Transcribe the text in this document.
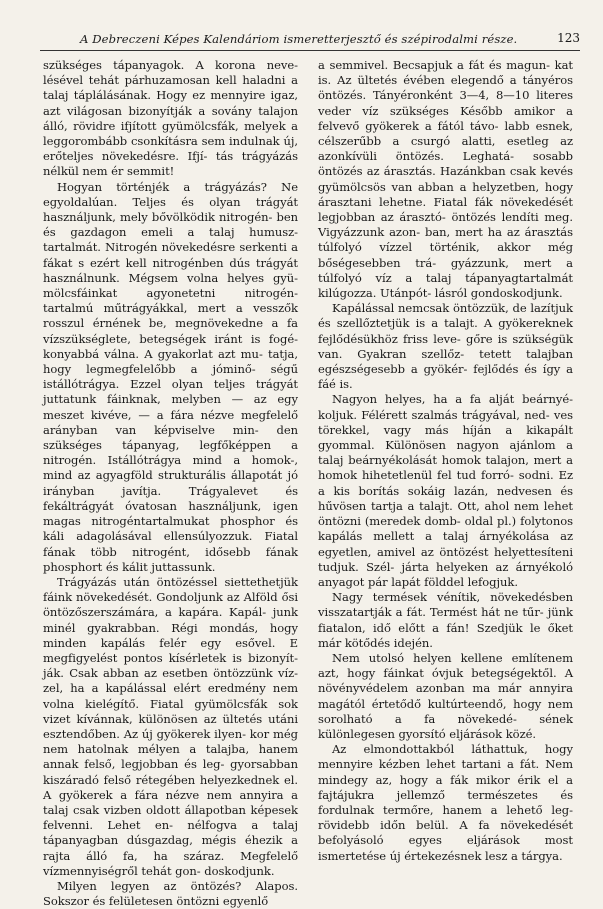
A Debreczeni Képes Kalendáriom ismeretterjesztő és szépirodalmi része.	123

szükséges tápanyagok. A korona neve- lésével tehát párhuzamosan kell haladni a talaj táplálásának. Hogy ez mennyire igaz, azt világosan bizonyítják a sovány talajon álló, rövidre ifjított gyümölcsfák, melyek a leggorombább csonkításra sem indulnak új, erőteljes növekedésre. Ifjí- tás trágyázás nélkül nem ér semmit!

Hogyan történjék a trágyázás? Ne egyoldalúan. Teljes és olyan trágyát használjunk, mely bővölködik nitrogén- ben és gazdagon emeli a talaj humusz- tartalmát. Nitrogén növekedésre serkenti a fákat s ezért kell nitrogénben dús trágyát használnunk. Mégsem volna helyes gyü- mölcsfáinkat agyonetetni nitrogén- tartalmú műtrágyákkal, mert a vesszők rosszul érnének be, megnövekedne a fa vízszükséglete, betegségek iránt is fogé- konyabbá válna. A gyakorlat azt mu- tatja, hogy legmegfelelőbb a jóminő- ségű istállótrágya. Ezzel olyan teljes trágyát juttatunk fáinknak, melyben — az egy meszet kivéve, — a fára nézve megfelelő arányban van képviselve min- den szükséges tápanyag, legfőképpen a nitrogén. Istállótrágya mind a homok-, mind az agyagföld strukturális állapotát jó irányban javítja. Trágyalevet és fekáltrágyát óvatosan használjunk, igen magas nitrogéntartalmukat phosphor és káli adagolásával ellensúlyozzuk. Fiatal fának több nitrogént, idősebb fának phosphort és kálit juttassunk.

Trágyázás után öntözéssel siettethetjük fáink növekedését. Gondoljunk az Alföld ősi öntözőszerszámára, a kapára. Kapál- junk minél gyakrabban. Régi mondás, hogy minden kapálás felér egy esővel. E megfigyelést pontos kísérletek is bizonyít- ják. Csak abban az esetben öntözzünk víz- zel, ha a kapálással elért eredmény nem volna kielégítő. Fiatal gyümölcsfák sok vizet kívánnak, különösen az ültetés utáni esztendőben. Az új gyökerek ilyen- kor még nem hatolnak mélyen a talajba, hanem annak felső, legjobban és leg- gyorsabban kiszáradó felső rétegében helyezkednek el. A gyökerek a fára nézve nem annyira a talaj csak vizben oldott állapotban képesek felvenni. Lehet en- nélfogva a talaj tápanyagban dúsgazdag, mégis éhezik a rajta álló fa, ha száraz. Megfelelő vízmennyiségről tehát gon- doskodjunk.

Milyen legyen az öntözés? Alapos. Sokszor és felületesen öntözni egyenlő

a semmivel. Becsapjuk a fát és magun- kat is. Az ültetés évében elegendő a tányéros öntözés. Tányéronként 3—4, 8—10 literes veder víz szükséges Később amikor a felvevő gyökerek a fától távo- labb esnek, célszerűbb a csurgó alatti, esetleg az azonkívüli öntözés. Leghatá- sosabb öntözés az árasztás. Hazánkban csak kevés gyümölcsös van abban a helyzetben, hogy árasztani lehetne. Fiatal fák növekedését legjobban az árasztó- öntözés lendíti meg. Vigyázzunk azon- ban, mert ha az árasztás túlfolyó vízzel történik, akkor még bőségesebben trá- gyázzunk, mert a túlfolyó víz a talaj tápanyagtartalmát kilúgozza. Utánpót- lásról gondoskodjunk.

Kapálással nemcsak öntözzük, de lazítjuk és szellőztetjük is a talajt. A gyökereknek fejlődésükhöz friss leve- gőre is szükségük van. Gyakran szellőz- tetett talajban egészségesebb a gyökér- fejlődés és így a fáé is.

Nagyon helyes, ha a fa alját beárnyé- koljuk. Félérett szalmás trágyával, ned- ves törekkel, vagy más híján a kikapált gyommal. Különösen nagyon ajánlom a talaj beárnyékolását homok talajon, mert a homok hihetetlenül fel tud forró- sodni. Ez a kis borítás sokáig lazán, nedvesen és hűvösen tartja a talajt. Ott, ahol nem lehet öntözni (meredek domb- oldal pl.) folytonos kapálás mellett a talaj árnyékolása az egyetlen, amivel az öntözést helyettesíteni tudjuk. Szél- járta helyeken az árnyékoló anyagot pár lapát földdel lefogjuk.

Nagy termések vénítik, növekedésben visszatartják a fát. Termést hát ne tűr- jünk fiatalon, idő előtt a fán! Szedjük le őket már kötődés idején.

Nem utolsó helyen kellene említenem azt, hogy fáinkat óvjuk betegségektől. A növényvédelem azonban ma már annyira magától értetődő kultúrteendő, hogy nem sorolható a fa növekedé- sének különlegesen gyorsító eljárások közé.

Az elmondottakból láthattuk, hogy mennyire kézben lehet tartani a fát. Nem mindegy az, hogy a fák mikor érik el a fajtájukra jellemző természetes és fordulnak termőre, hanem a lehető leg- rövidebb időn belül. A fa növekedését befolyásoló egyes eljárások most ismertetése új értekezésnek lesz a tárgya.
